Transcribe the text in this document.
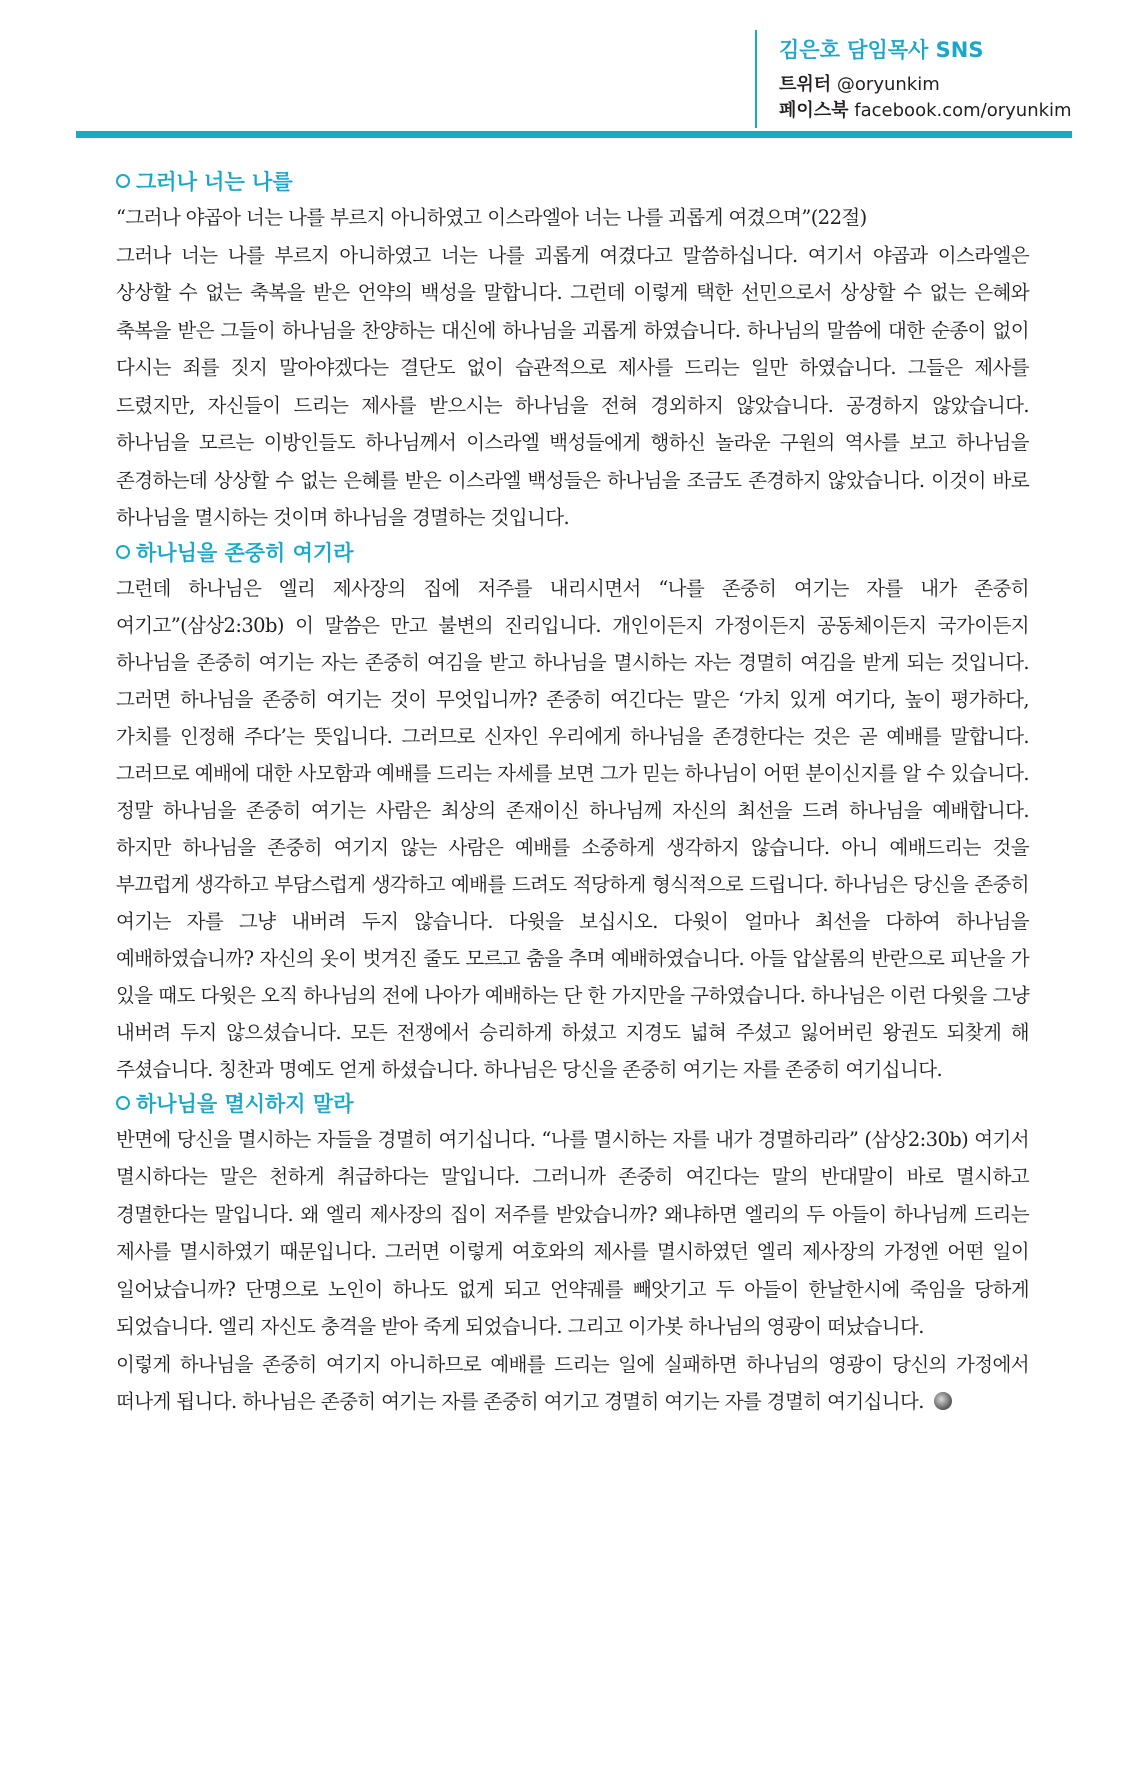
김은호 담임목사 SNS
트위터 @oryunkim
페이스북 facebook.com/oryunkim
그러나 너는 나를

“그러나 야곱아 너는 나를 부르지 아니하였고 이스라엘아 너는 나를 괴롭게 여겼으며”(22절)

그러나 너는 나를 부르지 아니하였고 너는 나를 괴롭게 여겼다고 말씀하십니다. 여기서 야곱과 이스라엘은 상상할 수 없는 축복을 받은 언약의 백성을 말합니다. 그런데 이렇게 택한 선민으로서 상상할 수 없는 은혜와 축복을 받은 그들이 하나님을 찬양하는 대신에 하나님을 괴롭게 하였습니다. 하나님의 말씀에 대한 순종이 없이 다시는 죄를 짓지 말아야겠다는 결단도 없이 습관적으로 제사를 드리는 일만 하였습니다. 그들은 제사를 드렸지만, 자신들이 드리는 제사를 받으시는 하나님을 전혀 경외하지 않았습니다. 공경하지 않았습니다. 하나님을 모르는 이방인들도 하나님께서 이스라엘 백성들에게 행하신 놀라운 구원의 역사를 보고 하나님을 존경하는데 상상할 수 없는 은혜를 받은 이스라엘 백성들은 하나님을 조금도 존경하지 않았습니다. 이것이 바로 하나님을 멸시하는 것이며 하나님을 경멸하는 것입니다.

하나님을 존중히 여기라

그런데 하나님은 엘리 제사장의 집에 저주를 내리시면서 “나를 존중히 여기는 자를 내가 존중히 여기고”(삼상2:30b) 이 말씀은 만고 불변의 진리입니다. 개인이든지 가정이든지 공동체이든지 국가이든지 하나님을 존중히 여기는 자는 존중히 여김을 받고 하나님을 멸시하는 자는 경멸히 여김을 받게 되는 것입니다. 그러면 하나님을 존중히 여기는 것이 무엇입니까? 존중히 여긴다는 말은 ‘가치 있게 여기다, 높이 평가하다, 가치를 인정해 주다’는 뜻입니다. 그러므로 신자인 우리에게 하나님을 존경한다는 것은 곧 예배를 말합니다. 그러므로 예배에 대한 사모함과 예배를 드리는 자세를 보면 그가 믿는 하나님이 어떤 분이신지를 알 수 있습니다. 정말 하나님을 존중히 여기는 사람은 최상의 존재이신 하나님께 자신의 최선을 드려 하나님을 예배합니다. 하지만 하나님을 존중히 여기지 않는 사람은 예배를 소중하게 생각하지 않습니다. 아니 예배드리는 것을 부끄럽게 생각하고 부담스럽게 생각하고 예배를 드려도 적당하게 형식적으로 드립니다. 하나님은 당신을 존중히 여기는 자를 그냥 내버려 두지 않습니다. 다윗을 보십시오. 다윗이 얼마나 최선을 다하여 하나님을 예배하였습니까? 자신의 옷이 벗겨진 줄도 모르고 춤을 추며 예배하였습니다. 아들 압살롬의 반란으로 피난을 가 있을 때도 다윗은 오직 하나님의 전에 나아가 예배하는 단 한 가지만을 구하였습니다. 하나님은 이런 다윗을 그냥 내버려 두지 않으셨습니다. 모든 전쟁에서 승리하게 하셨고 지경도 넓혀 주셨고 잃어버린 왕권도 되찾게 해 주셨습니다. 칭찬과 명예도 얻게 하셨습니다. 하나님은 당신을 존중히 여기는 자를 존중히 여기십니다.

하나님을 멸시하지 말라

반면에 당신을 멸시하는 자들을 경멸히 여기십니다. “나를 멸시하는 자를 내가 경멸하리라” (삼상2:30b) 여기서 멸시하다는 말은 천하게 취급하다는 말입니다. 그러니까 존중히 여긴다는 말의 반대말이 바로 멸시하고 경멸한다는 말입니다. 왜 엘리 제사장의 집이 저주를 받았습니까? 왜냐하면 엘리의 두 아들이 하나님께 드리는 제사를 멸시하였기 때문입니다. 그러면 이렇게 여호와의 제사를 멸시하였던 엘리 제사장의 가정엔 어떤 일이 일어났습니까? 단명으로 노인이 하나도 없게 되고 언약궤를 빼앗기고 두 아들이 한날한시에 죽임을 당하게 되었습니다. 엘리 자신도 충격을 받아 죽게 되었습니다. 그리고 이가봇 하나님의 영광이 떠났습니다.

이렇게 하나님을 존중히 여기지 아니하므로 예배를 드리는 일에 실패하면 하나님의 영광이 당신의 가정에서 떠나게 됩니다. 하나님은 존중히 여기는 자를 존중히 여기고 경멸히 여기는 자를 경멸히 여기십니다.
